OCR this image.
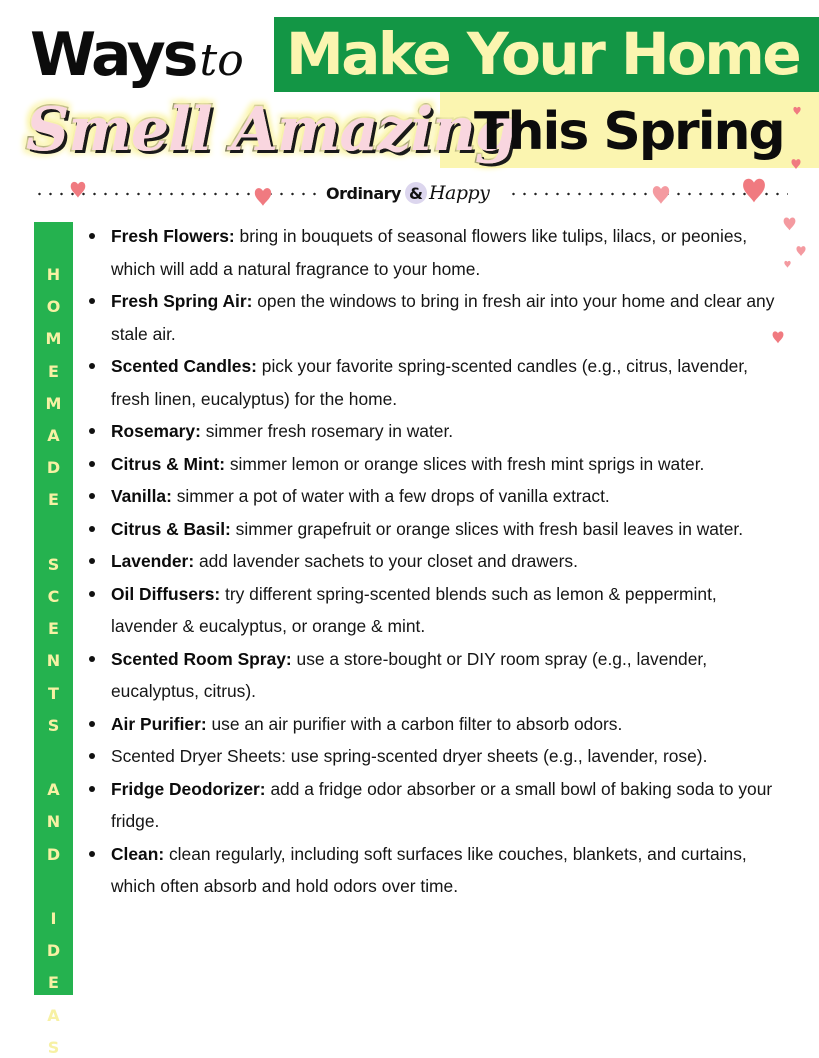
Make Your Home
Waysto
Smell Amazing
This Spring
Ordinary & Happy
H
O
M
E
M
A
D
E
S
C
E
N
T
S
A
N
D
I
D
E
A
S
Fresh Flowers: bring in bouquets of seasonal flowers like tulips, lilacs, or peonies, which will add a natural fragrance to your home.
Fresh Spring Air: open the windows to bring in fresh air into your home and clear any stale air.
Scented Candles: pick your favorite spring-scented candles (e.g., citrus, lavender, fresh linen, eucalyptus) for the home.
Rosemary: simmer fresh rosemary in water.
Citrus & Mint: simmer lemon or orange slices with fresh mint sprigs in water.
Vanilla: simmer a pot of water with a few drops of vanilla extract.
Citrus & Basil: simmer grapefruit or orange slices with fresh basil leaves in water.
Lavender: add lavender sachets to your closet and drawers.
Oil Diffusers: try different spring-scented blends such as lemon & peppermint, lavender & eucalyptus, or orange & mint.
Scented Room Spray: use a store-bought or DIY room spray (e.g., lavender, eucalyptus, citrus).
Air Purifier: use an air purifier with a carbon filter to absorb odors.
Scented Dryer Sheets: use spring-scented dryer sheets (e.g., lavender, rose).
Fridge Deodorizer: add a fridge odor absorber or a small bowl of baking soda to your fridge.
Clean: clean regularly, including soft surfaces like couches, blankets, and curtains, which often absorb and hold odors over time.
